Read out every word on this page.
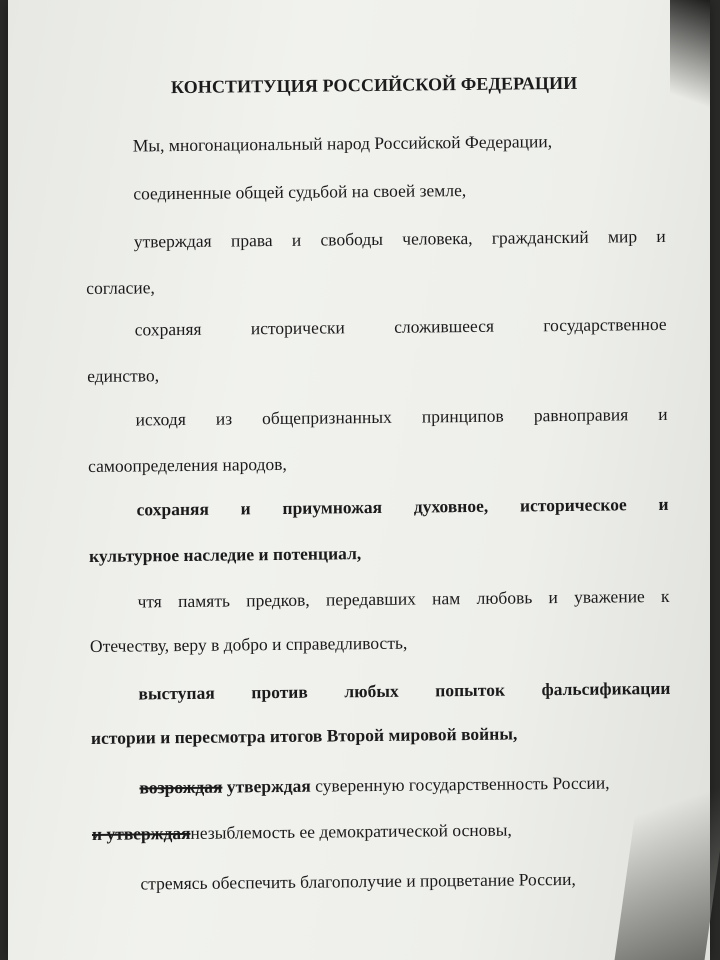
КОНСТИТУЦИЯ РОССИЙСКОЙ ФЕДЕРАЦИИ
Мы, многонациональный народ Российской Федерации,
соединенные общей судьбой на своей земле,
утверждая права и свободы человека, гражданский мир и
согласие,
сохраняя исторически сложившееся государственное
единство,
исходя из общепризнанных принципов равноправия и
самоопределения народов,
сохраняя и приумножая духовное, историческое и
культурное наследие и потенциал,
чтя память предков, передавших нам любовь и уважение к
Отечеству, веру в добро и справедливость,
выступая против любых попыток фальсификации
истории и пересмотра итогов Второй мировой войны,
возрождая утверждая суверенную государственность России,
и утверждаянезыблемость ее демократической основы,
стремясь обеспечить благополучие и процветание России,
